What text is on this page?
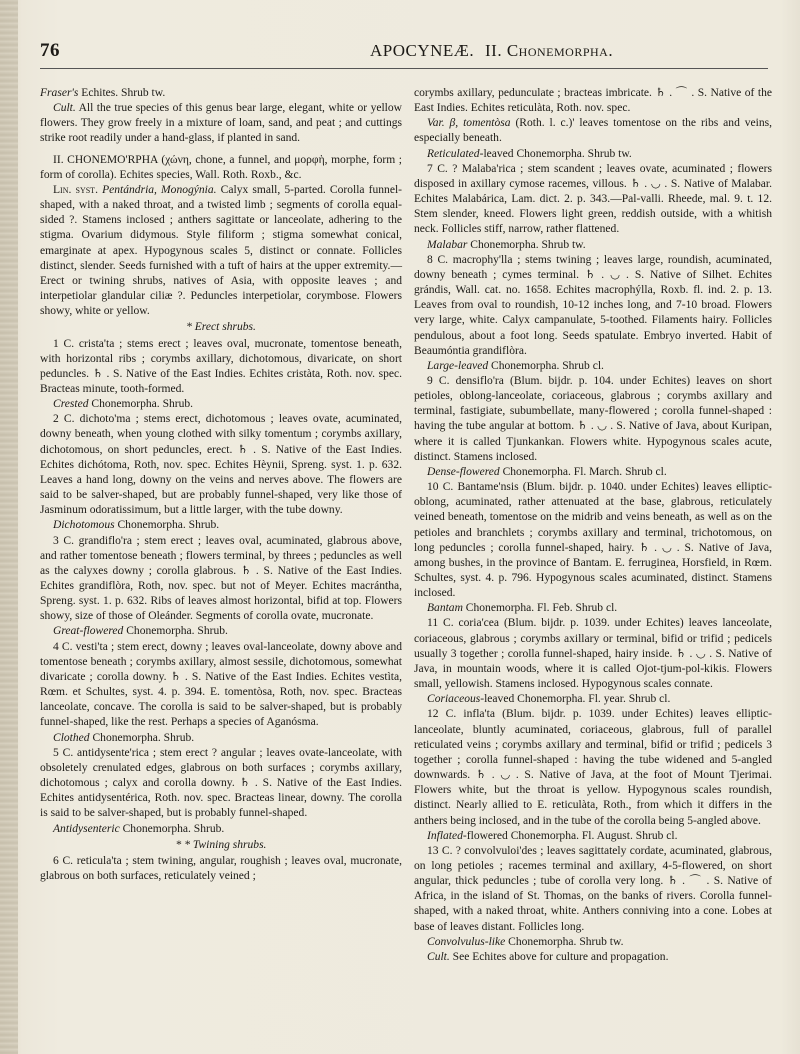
76	APOCYNEÆ. II. Chonemorpha.

Fraser's Echites. Shrub tw.

Cult. All the true species of this genus bear large, elegant, white or yellow flowers. They grow freely in a mixture of loam, sand, and peat ; and cuttings strike root readily under a hand-glass, if planted in sand.

II. CHONEMO'RPHA (χώνη, chone, a funnel, and μορφὴ, morphe, form ; form of corolla). Echites species, Wall. Roth. Roxb., &c.

Lin. syst. Pentándria, Monogýnia. Calyx small, 5-parted. Corolla funnel-shaped, with a naked throat, and a twisted limb ; segments of corolla equal-sided ?. Stamens inclosed ; anthers sagittate or lanceolate, adhering to the stigma. Ovarium didymous. Style filiform ; stigma somewhat conical, emarginate at apex. Hypogynous scales 5, distinct or connate. Follicles distinct, slender. Seeds furnished with a tuft of hairs at the upper extremity.—Erect or twining shrubs, natives of Asia, with opposite leaves ; and interpetiolar glandular ciliæ ?. Peduncles interpetiolar, corymbose. Flowers showy, white or yellow.

* Erect shrubs.

1 C. crista'ta ; stems erect ; leaves oval, mucronate, tomentose beneath, with horizontal ribs ; corymbs axillary, dichotomous, divaricate, on short peduncles. ♄ . S. Native of the East Indies. Echites cristàta, Roth. nov. spec. Bracteas minute, tooth-formed.

Crested Chonemorpha. Shrub.

2 C. dichoto'ma ; stems erect, dichotomous ; leaves ovate, acuminated, downy beneath, when young clothed with silky tomentum ; corymbs axillary, dichotomous, on short peduncles, erect. ♄ . S. Native of the East Indies. Echites dichótoma, Roth, nov. spec. Echites Hèynii, Spreng. syst. 1. p. 632. Leaves a hand long, downy on the veins and nerves above. The flowers are said to be salver-shaped, but are probably funnel-shaped, very like those of Jasminum odoratissimum, but a little larger, with the tube downy.

Dichotomous Chonemorpha. Shrub.

3 C. grandiflo'ra ; stem erect ; leaves oval, acuminated, glabrous above, and rather tomentose beneath ; flowers terminal, by threes ; peduncles as well as the calyxes downy ; corolla glabrous. ♄ . S. Native of the East Indies. Echites grandiflòra, Roth, nov. spec. but not of Meyer. Echites macrántha, Spreng. syst. 1. p. 632. Ribs of leaves almost horizontal, bifid at top. Flowers showy, size of those of Oleánder. Segments of corolla ovate, mucronate.

Great-flowered Chonemorpha. Shrub.

4 C. vesti'ta ; stem erect, downy ; leaves oval-lanceolate, downy above and tomentose beneath ; corymbs axillary, almost sessile, dichotomous, somewhat divaricate ; corolla downy. ♄ . S. Native of the East Indies. Echites vestìta, Rœm. et Schultes, syst. 4. p. 394. E. tomentòsa, Roth, nov. spec. Bracteas lanceolate, concave. The corolla is said to be salver-shaped, but is probably funnel-shaped, like the rest. Perhaps a species of Aganósma.

Clothed Chonemorpha. Shrub.

5 C. antidysente'rica ; stem erect ? angular ; leaves ovate-lanceolate, with obsoletely crenulated edges, glabrous on both surfaces ; corymbs axillary, dichotomous ; calyx and corolla downy. ♄ . S. Native of the East Indies. Echites antidysentérica, Roth. nov. spec. Bracteas linear, downy. The corolla is said to be salver-shaped, but is probably funnel-shaped.

Antidysenteric Chonemorpha. Shrub.

* * Twining shrubs.

6 C. reticula'ta ; stem twining, angular, roughish ; leaves oval, mucronate, glabrous on both surfaces, reticulately veined ;

corymbs axillary, pedunculate ; bracteas imbricate. ♄ . ⌒ . S. Native of the East Indies. Echites reticulàta, Roth. nov. spec.

Var. β, tomentòsa (Roth. l. c.)' leaves tomentose on the ribs and veins, especially beneath.

Reticulated-leaved Chonemorpha. Shrub tw.

7 C. ? Malaba'rica ; stem scandent ; leaves ovate, acuminated ; flowers disposed in axillary cymose racemes, villous. ♄ . ◡ . S. Native of Malabar. Echites Malabárica, Lam. dict. 2. p. 343.—Pal-valli. Rheede, mal. 9. t. 12. Stem slender, kneed. Flowers light green, reddish outside, with a whitish neck. Follicles stiff, narrow, rather flattened.

Malabar Chonemorpha. Shrub tw.

8 C. macrophy'lla ; stems twining ; leaves large, roundish, acuminated, downy beneath ; cymes terminal. ♄ . ◡ . S. Native of Silhet. Echites grándis, Wall. cat. no. 1658. Echites macrophýlla, Roxb. fl. ind. 2. p. 13. Leaves from oval to roundish, 10-12 inches long, and 7-10 broad. Flowers very large, white. Calyx campanulate, 5-toothed. Filaments hairy. Follicles pendulous, about a foot long. Seeds spatulate. Embryo inverted. Habit of Beaumóntia grandiflòra.

Large-leaved Chonemorpha. Shrub cl.

9 C. densiflo'ra (Blum. bijdr. p. 104. under Echites) leaves on short petioles, oblong-lanceolate, coriaceous, glabrous ; corymbs axillary and terminal, fastigiate, subumbellate, many-flowered ; corolla funnel-shaped : having the tube angular at bottom. ♄ . ◡ . S. Native of Java, about Kuripan, where it is called Tjunkankan. Flowers white. Hypogynous scales acute, distinct. Stamens inclosed.

Dense-flowered Chonemorpha. Fl. March. Shrub cl.

10 C. Bantame'nsis (Blum. bijdr. p. 1040. under Echites) leaves elliptic-oblong, acuminated, rather attenuated at the base, glabrous, reticulately veined beneath, tomentose on the midrib and veins beneath, as well as on the petioles and branchlets ; corymbs axillary and terminal, trichotomous, on long peduncles ; corolla funnel-shaped, hairy. ♄ . ◡ . S. Native of Java, among bushes, in the province of Bantam. E. ferruginea, Horsfield, in Rœm. Schultes, syst. 4. p. 796. Hypogynous scales acuminated, distinct. Stamens inclosed.

Bantam Chonemorpha. Fl. Feb. Shrub cl.

11 C. coria'cea (Blum. bijdr. p. 1039. under Echites) leaves lanceolate, coriaceous, glabrous ; corymbs axillary or terminal, bifid or trifid ; pedicels usually 3 together ; corolla funnel-shaped, hairy inside. ♄ . ◡ . S. Native of Java, in mountain woods, where it is called Ojot-tjum-pol-kikis. Flowers small, yellowish. Stamens inclosed. Hypogynous scales connate.

Coriaceous-leaved Chonemorpha. Fl. year. Shrub cl.

12 C. infla'ta (Blum. bijdr. p. 1039. under Echites) leaves elliptic-lanceolate, bluntly acuminated, coriaceous, glabrous, full of parallel reticulated veins ; corymbs axillary and terminal, bifid or trifid ; pedicels 3 together ; corolla funnel-shaped : having the tube widened and 5-angled downwards. ♄ . ◡ . S. Native of Java, at the foot of Mount Tjerimai. Flowers white, but the throat is yellow. Hypogynous scales roundish, distinct. Nearly allied to E. reticulàta, Roth., from which it differs in the anthers being inclosed, and in the tube of the corolla being 5-angled above.

Inflated-flowered Chonemorpha. Fl. August. Shrub cl.

13 C. ? convolvuloi'des ; leaves sagittately cordate, acuminated, glabrous, on long petioles ; racemes terminal and axillary, 4-5-flowered, on short angular, thick peduncles ; tube of corolla very long. ♄ . ⌒ . S. Native of Africa, in the island of St. Thomas, on the banks of rivers. Corolla funnel-shaped, with a naked throat, white. Anthers conniving into a cone. Lobes at base of leaves distant. Follicles long.

Convolvulus-like Chonemorpha. Shrub tw.

Cult. See Echites above for culture and propagation.
